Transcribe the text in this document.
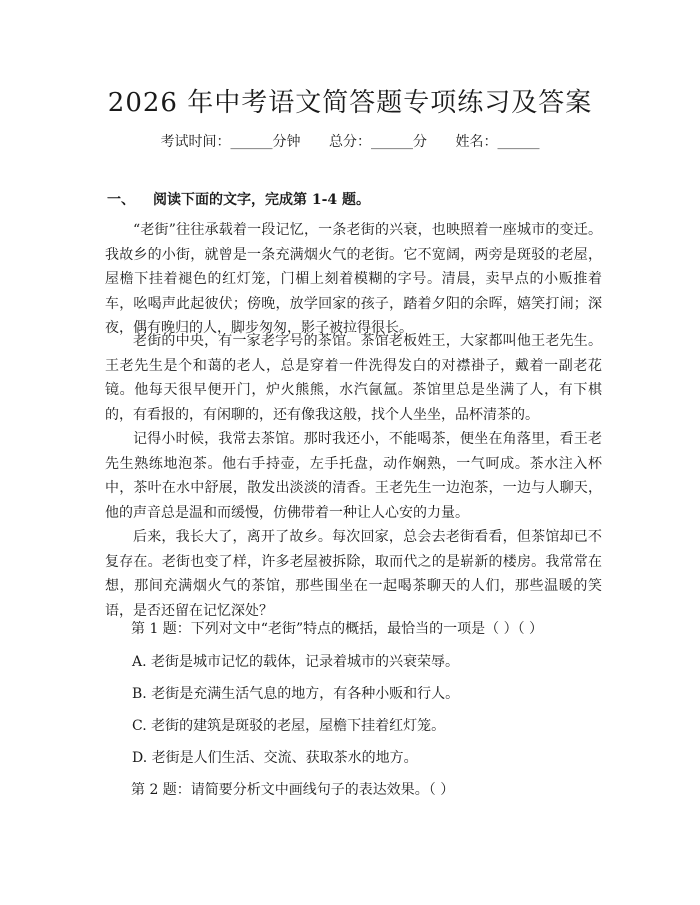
2026 年中考语文简答题专项练习及答案
考试时间：______分钟 总分：______分 姓名：______
一、 阅读下面的文字，完成第 1-4 题。

“老街”往往承载着一段记忆，一条老街的兴衰，也映照着一座城市的变迁。我故乡的小街，就曾是一条充满烟火气的老街。它不宽阔，两旁是斑驳的老屋，屋檐下挂着褪色的红灯笼，门楣上刻着模糊的字号。清晨，卖早点的小贩推着车，吆喝声此起彼伏；傍晚，放学回家的孩子，踏着夕阳的余晖，嬉笑打闹；深夜，偶有晚归的人，脚步匆匆，影子被拉得很长。

老街的中央，有一家老字号的茶馆。茶馆老板姓王，大家都叫他王老先生。王老先生是个和蔼的老人，总是穿着一件洗得发白的对襟褂子，戴着一副老花镜。他每天很早便开门，炉火熊熊，水汽氤氲。茶馆里总是坐满了人，有下棋的，有看报的，有闲聊的，还有像我这般，找个人坐坐，品杯清茶的。

记得小时候，我常去茶馆。那时我还小，不能喝茶，便坐在角落里，看王老先生熟练地泡茶。他右手持壶，左手托盘，动作娴熟，一气呵成。茶水注入杯中，茶叶在水中舒展，散发出淡淡的清香。王老先生一边泡茶，一边与人聊天，他的声音总是温和而缓慢，仿佛带着一种让人心安的力量。

后来，我长大了，离开了故乡。每次回家，总会去老街看看，但茶馆却已不复存在。老街也变了样，许多老屋被拆除，取而代之的是崭新的楼房。我常常在想，那间充满烟火气的茶馆，那些围坐在一起喝茶聊天的人们，那些温暖的笑语，是否还留在记忆深处？

第 1 题：下列对文中“老街”特点的概括，最恰当的一项是（ ）（ ）
A. 老街是城市记忆的载体，记录着城市的兴衰荣辱。
B. 老街是充满生活气息的地方，有各种小贩和行人。
C. 老街的建筑是斑驳的老屋，屋檐下挂着红灯笼。
D. 老街是人们生活、交流、获取茶水的地方。
第 2 题：请简要分析文中画线句子的表达效果。（ ）
